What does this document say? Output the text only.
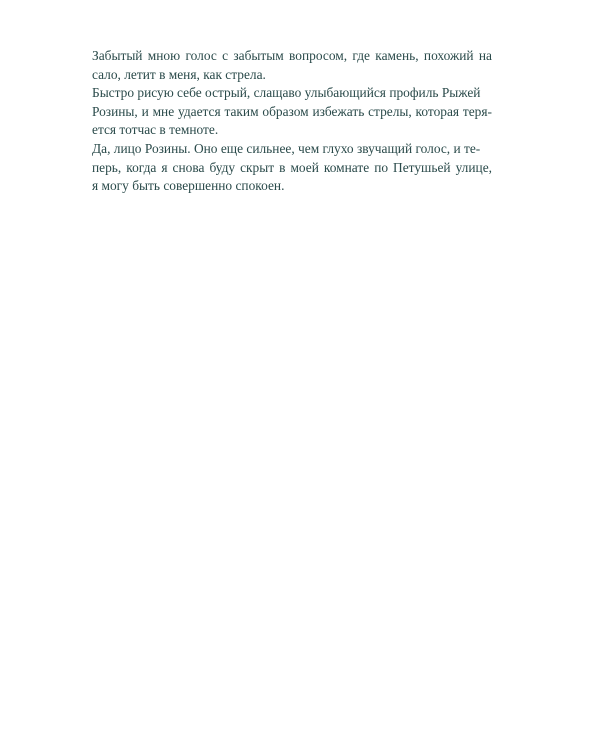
Забытый мною голос с забытым вопросом, где камень, похожий на
сало, летит в меня, как стрела.
Быстро рисую себе острый, слащаво улыбающийся профиль Рыжей
Розины, и мне удается таким образом избежать стрелы, которая теря-
ется тотчас в темноте.
Да, лицо Розины. Оно еще сильнее, чем глухо звучащий голос, и те-
перь, когда я снова буду скрыт в моей комнате по Петушьей улице,
я могу быть совершенно спокоен.
